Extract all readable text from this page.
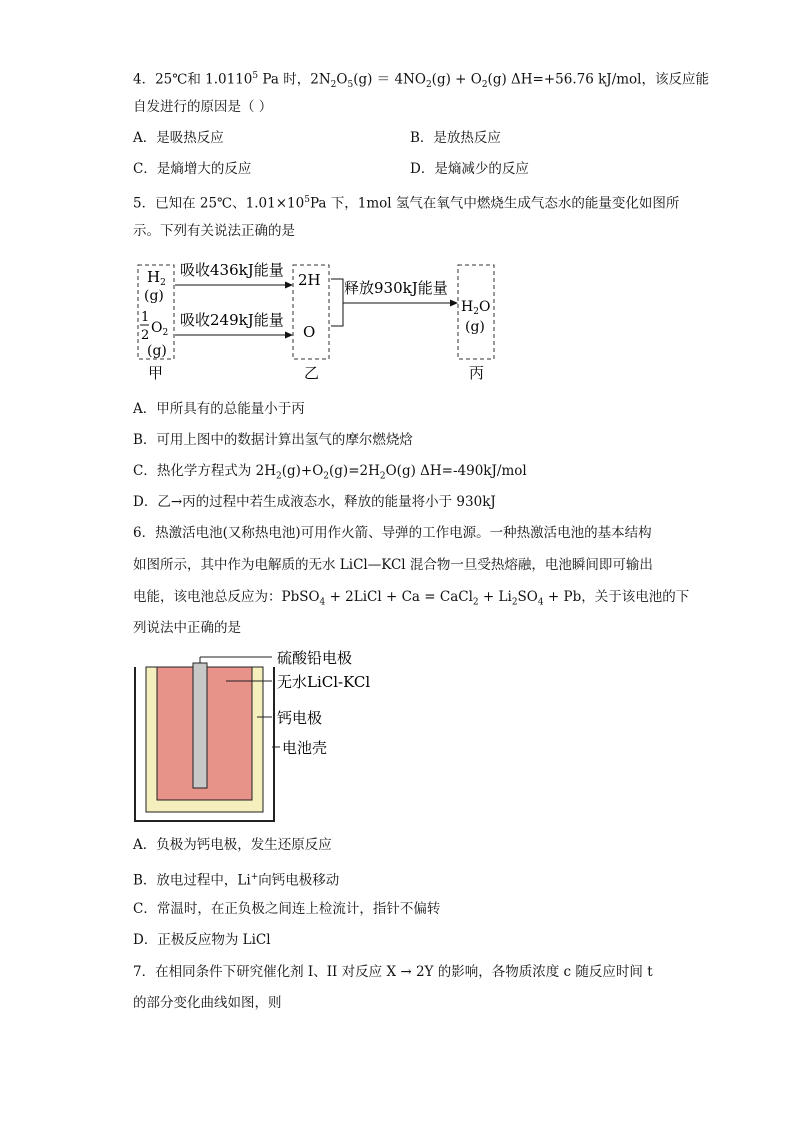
4．25℃和 1.0110$^5$ Pa 时，$2N_2O_5(g) = 4NO_2(g) + O_2(g)$ ΔH=+56.76 kJ/mol，该反应能
自发进行的原因是（ ）
A．是吸热反应	B．是放热反应
C．是熵增大的反应	D．是熵减少的反应
5．已知在 25℃、$1.01\times 10^5Pa$ 下，1mol 氢气在氧气中燃烧生成气态水的能量变化如图所
示。下列有关说法正确的是
$H_2$
(g)
1
2 $O_2$
(g)
吸收436kJ能量
吸收249kJ能量
2H
O
释放930kJ能量
$H_2O$
(g)
甲	乙	丙
A．甲所具有的总能量小于丙
B．可用上图中的数据计算出氢气的摩尔燃烧焓
C．热化学方程式为 $2H_2(g)+O_2(g)=2H_2O(g)$ ΔH=-490kJ/mol
D．乙→丙的过程中若生成液态水，释放的能量将小于 930kJ
6．热激活电池(又称热电池)可用作火箭、导弹的工作电源。一种热激活电池的基本结构
如图所示，其中作为电解质的无水 LiCl—KCl 混合物一旦受热熔融，电池瞬间即可输出
电能，该电池总反应为：PbSO$_4$ + 2LiCl + Ca = CaCl$_2$ + $Li_2SO_4 + Pb$，关于该电池的下
列说法中正确的是
硫酸铅电极
无水LiCl-KCl
钙电极
电池壳
A．负极为钙电极，发生还原反应
B．放电过程中，Li+向钙电极移动
C．常温时，在正负极之间连上检流计，指针不偏转
D．正极反应物为 LiCl
7．在相同条件下研究催化剂 I、II 对反应 X → 2Y 的影响，各物质浓度 c 随反应时间 t
的部分变化曲线如图，则
